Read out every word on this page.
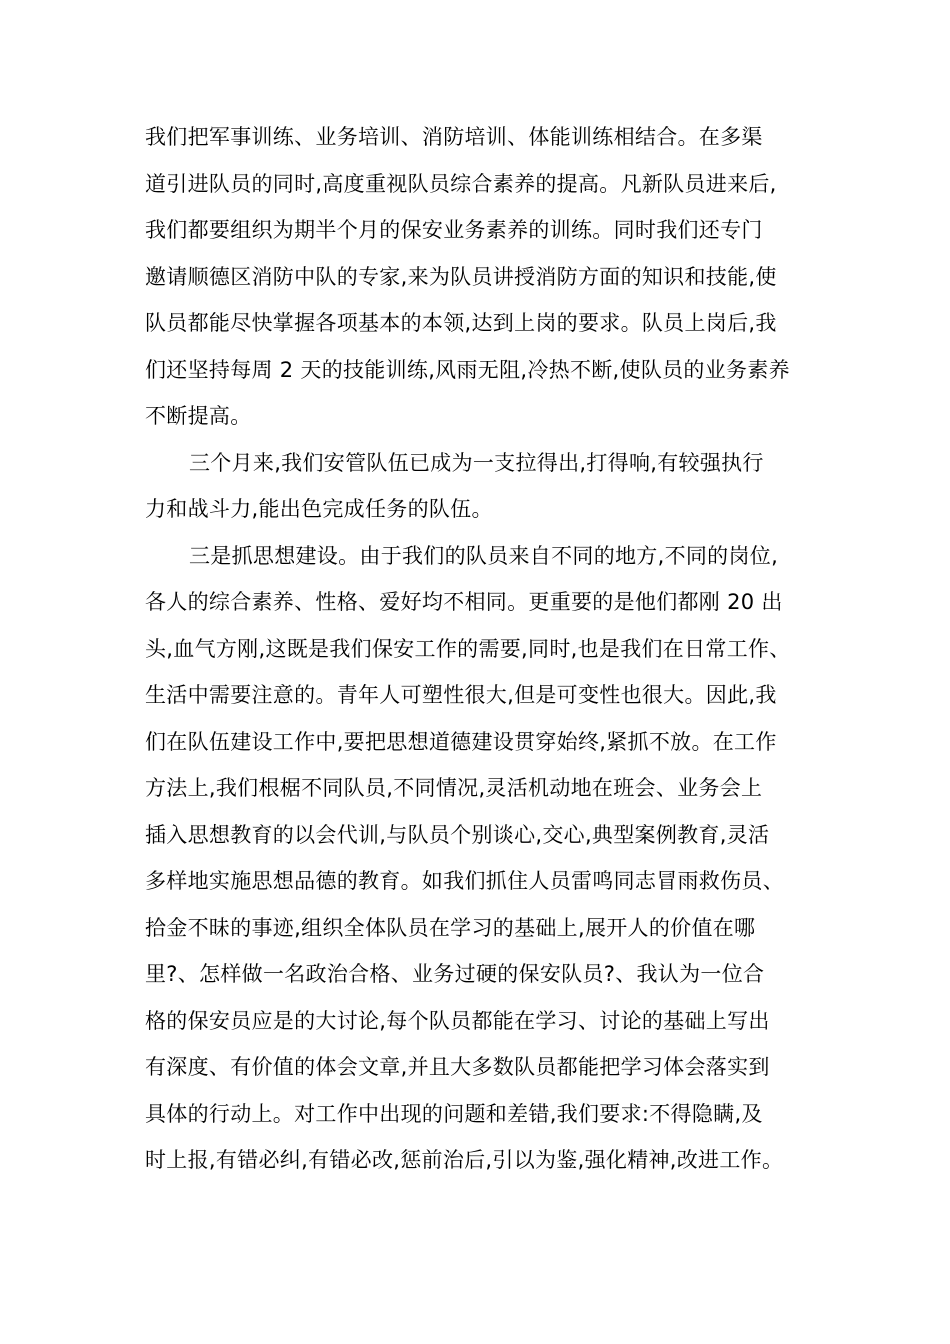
我们把军事训练、业务培训、消防培训、体能训练相结合。在多渠
道引进队员的同时,高度重视队员综合素养的提高。凡新队员进来后,
我们都要组织为期半个月的保安业务素养的训练。同时我们还专门
邀请顺德区消防中队的专家,来为队员讲授消防方面的知识和技能,使
队员都能尽快掌握各项基本的本领,达到上岗的要求。队员上岗后,我
们还坚持每周 2 天的技能训练,风雨无阻,冷热不断,使队员的业务素养
不断提高。
三个月来,我们安管队伍已成为一支拉得出,打得响,有较强执行
力和战斗力,能出色完成任务的队伍。
三是抓思想建设。由于我们的队员来自不同的地方,不同的岗位,
各人的综合素养、性格、爱好均不相同。更重要的是他们都刚 20 出
头,血气方刚,这既是我们保安工作的需要,同时,也是我们在日常工作、
生活中需要注意的。青年人可塑性很大,但是可变性也很大。因此,我
们在队伍建设工作中,要把思想道德建设贯穿始终,紧抓不放。在工作
方法上,我们根椐不同队员,不同情况,灵活机动地在班会、业务会上
插入思想教育的以会代训,与队员个别谈心,交心,典型案例教育,灵活
多样地实施思想品德的教育。如我们抓住人员雷鸣同志冒雨救伤员、
拾金不昧的事迹,组织全体队员在学习的基础上,展开人的价值在哪
里?、怎样做一名政治合格、业务过硬的保安队员?、我认为一位合
格的保安员应是的大讨论,每个队员都能在学习、讨论的基础上写出
有深度、有价值的体会文章,并且大多数队员都能把学习体会落实到
具体的行动上。对工作中出现的问题和差错,我们要求:不得隐瞒,及
时上报,有错必纠,有错必改,惩前治后,引以为鉴,强化精神,改进工作。
